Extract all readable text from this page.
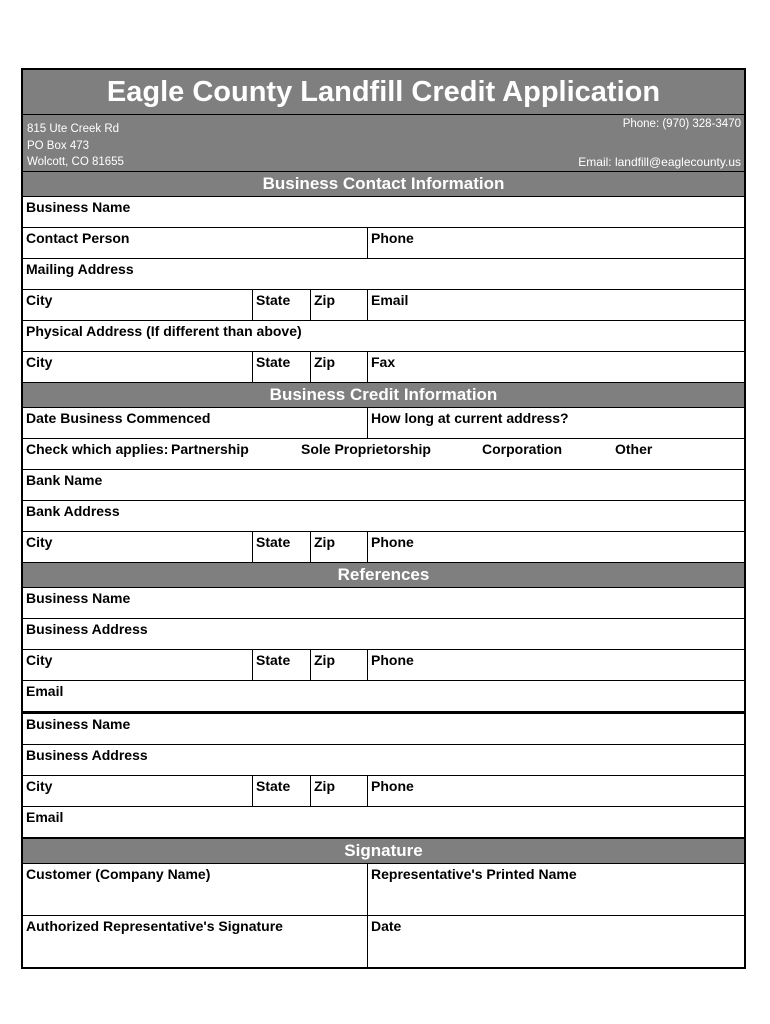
Eagle County Landfill Credit Application
815 Ute Creek Rd
PO Box 473
Wolcott, CO 81655
Phone: (970) 328-3470
Email: landfill@eaglecounty.us
Business Contact Information
Business Name
Contact Person	Phone
Mailing Address
City	State	Zip	Email
Physical Address (If different than above)
City	State	Zip	Fax
Business Credit Information
Date Business Commenced	How long at current address?
Check which applies: Partnership	Sole Proprietorship	Corporation	Other
Bank Name
Bank Address
City	State	Zip	Phone
References
Business Name
Business Address
City	State	Zip	Phone
Email
Business Name
Business Address
City	State	Zip	Phone
Email
Signature
Customer (Company Name)	Representative's Printed Name
Authorized Representative's Signature	Date
